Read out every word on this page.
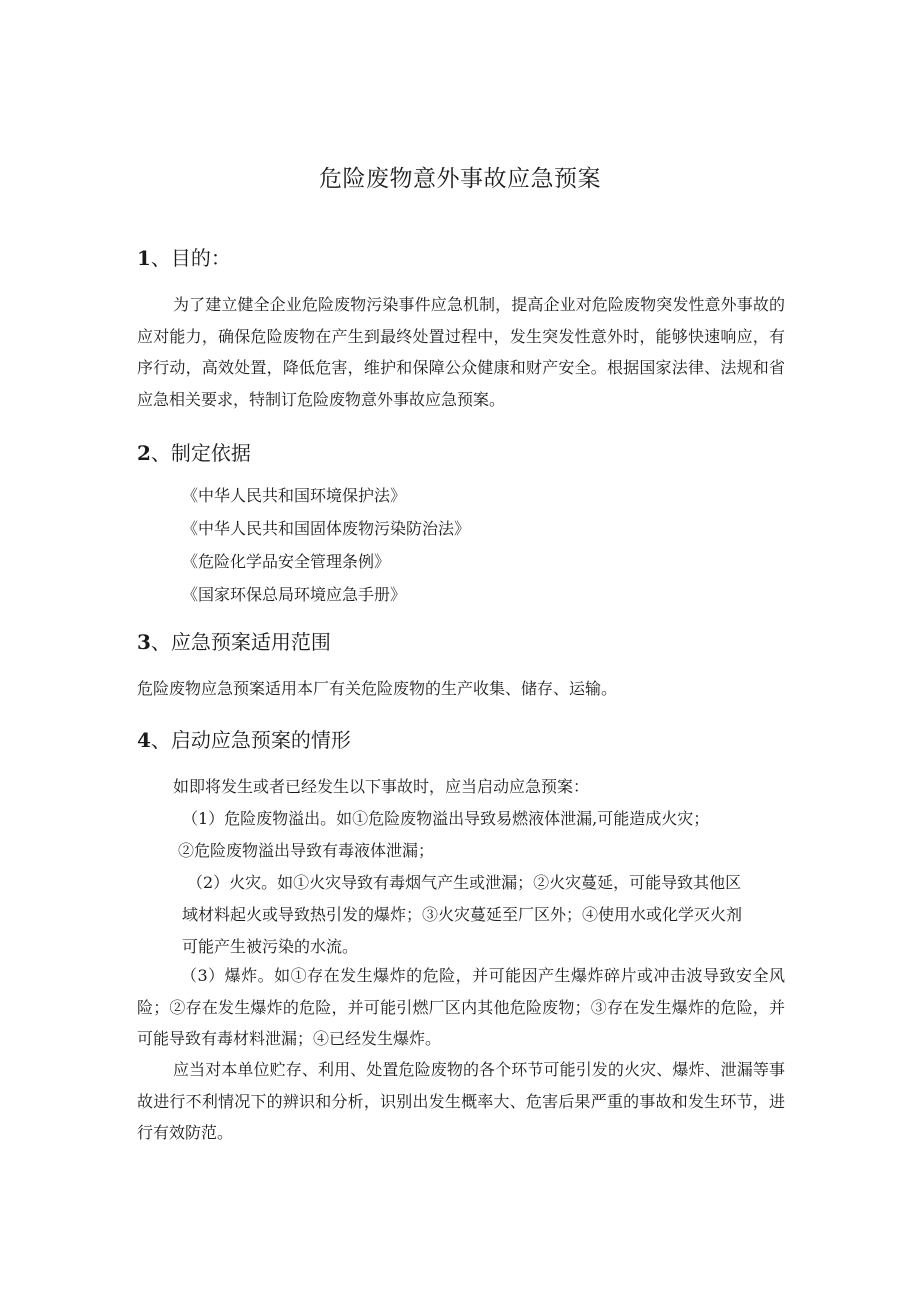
危险废物意外事故应急预案
1、目的：

为了建立健全企业危险废物污染事件应急机制，提高企业对危险废物突发性意外事故的应对能力，确保危险废物在产生到最终处置过程中，发生突发性意外时，能够快速响应，有序行动，高效处置，降低危害，维护和保障公众健康和财产安全。根据国家法律、法规和省应急相关要求，特制订危险废物意外事故应急预案。

2、制定依据
《中华人民共和国环境保护法》
《中华人民共和国固体废物污染防治法》
《危险化学品安全管理条例》
《国家环保总局环境应急手册》
3、应急预案适用范围

危险废物应急预案适用本厂有关危险废物的生产收集、储存、运输。

4、启动应急预案的情形

如即将发生或者已经发生以下事故时，应当启动应急预案：

（1）危险废物溢出。如①危险废物溢出导致易燃液体泄漏,可能造成火灾；

②危险废物溢出导致有毒液体泄漏；

（2）火灾。如①火灾导致有毒烟气产生或泄漏；②火灾蔓延，可能导致其他区

域材料起火或导致热引发的爆炸；③火灾蔓延至厂区外；④使用水或化学灭火剂

可能产生被污染的水流。

（3）爆炸。如①存在发生爆炸的危险，并可能因产生爆炸碎片或冲击波导致安全风险；②存在发生爆炸的危险，并可能引燃厂区内其他危险废物；③存在发生爆炸的危险，并可能导致有毒材料泄漏；④已经发生爆炸。

应当对本单位贮存、利用、处置危险废物的各个环节可能引发的火灾、爆炸、泄漏等事故进行不利情况下的辨识和分析，识别出发生概率大、危害后果严重的事故和发生环节，进行有效防范。
